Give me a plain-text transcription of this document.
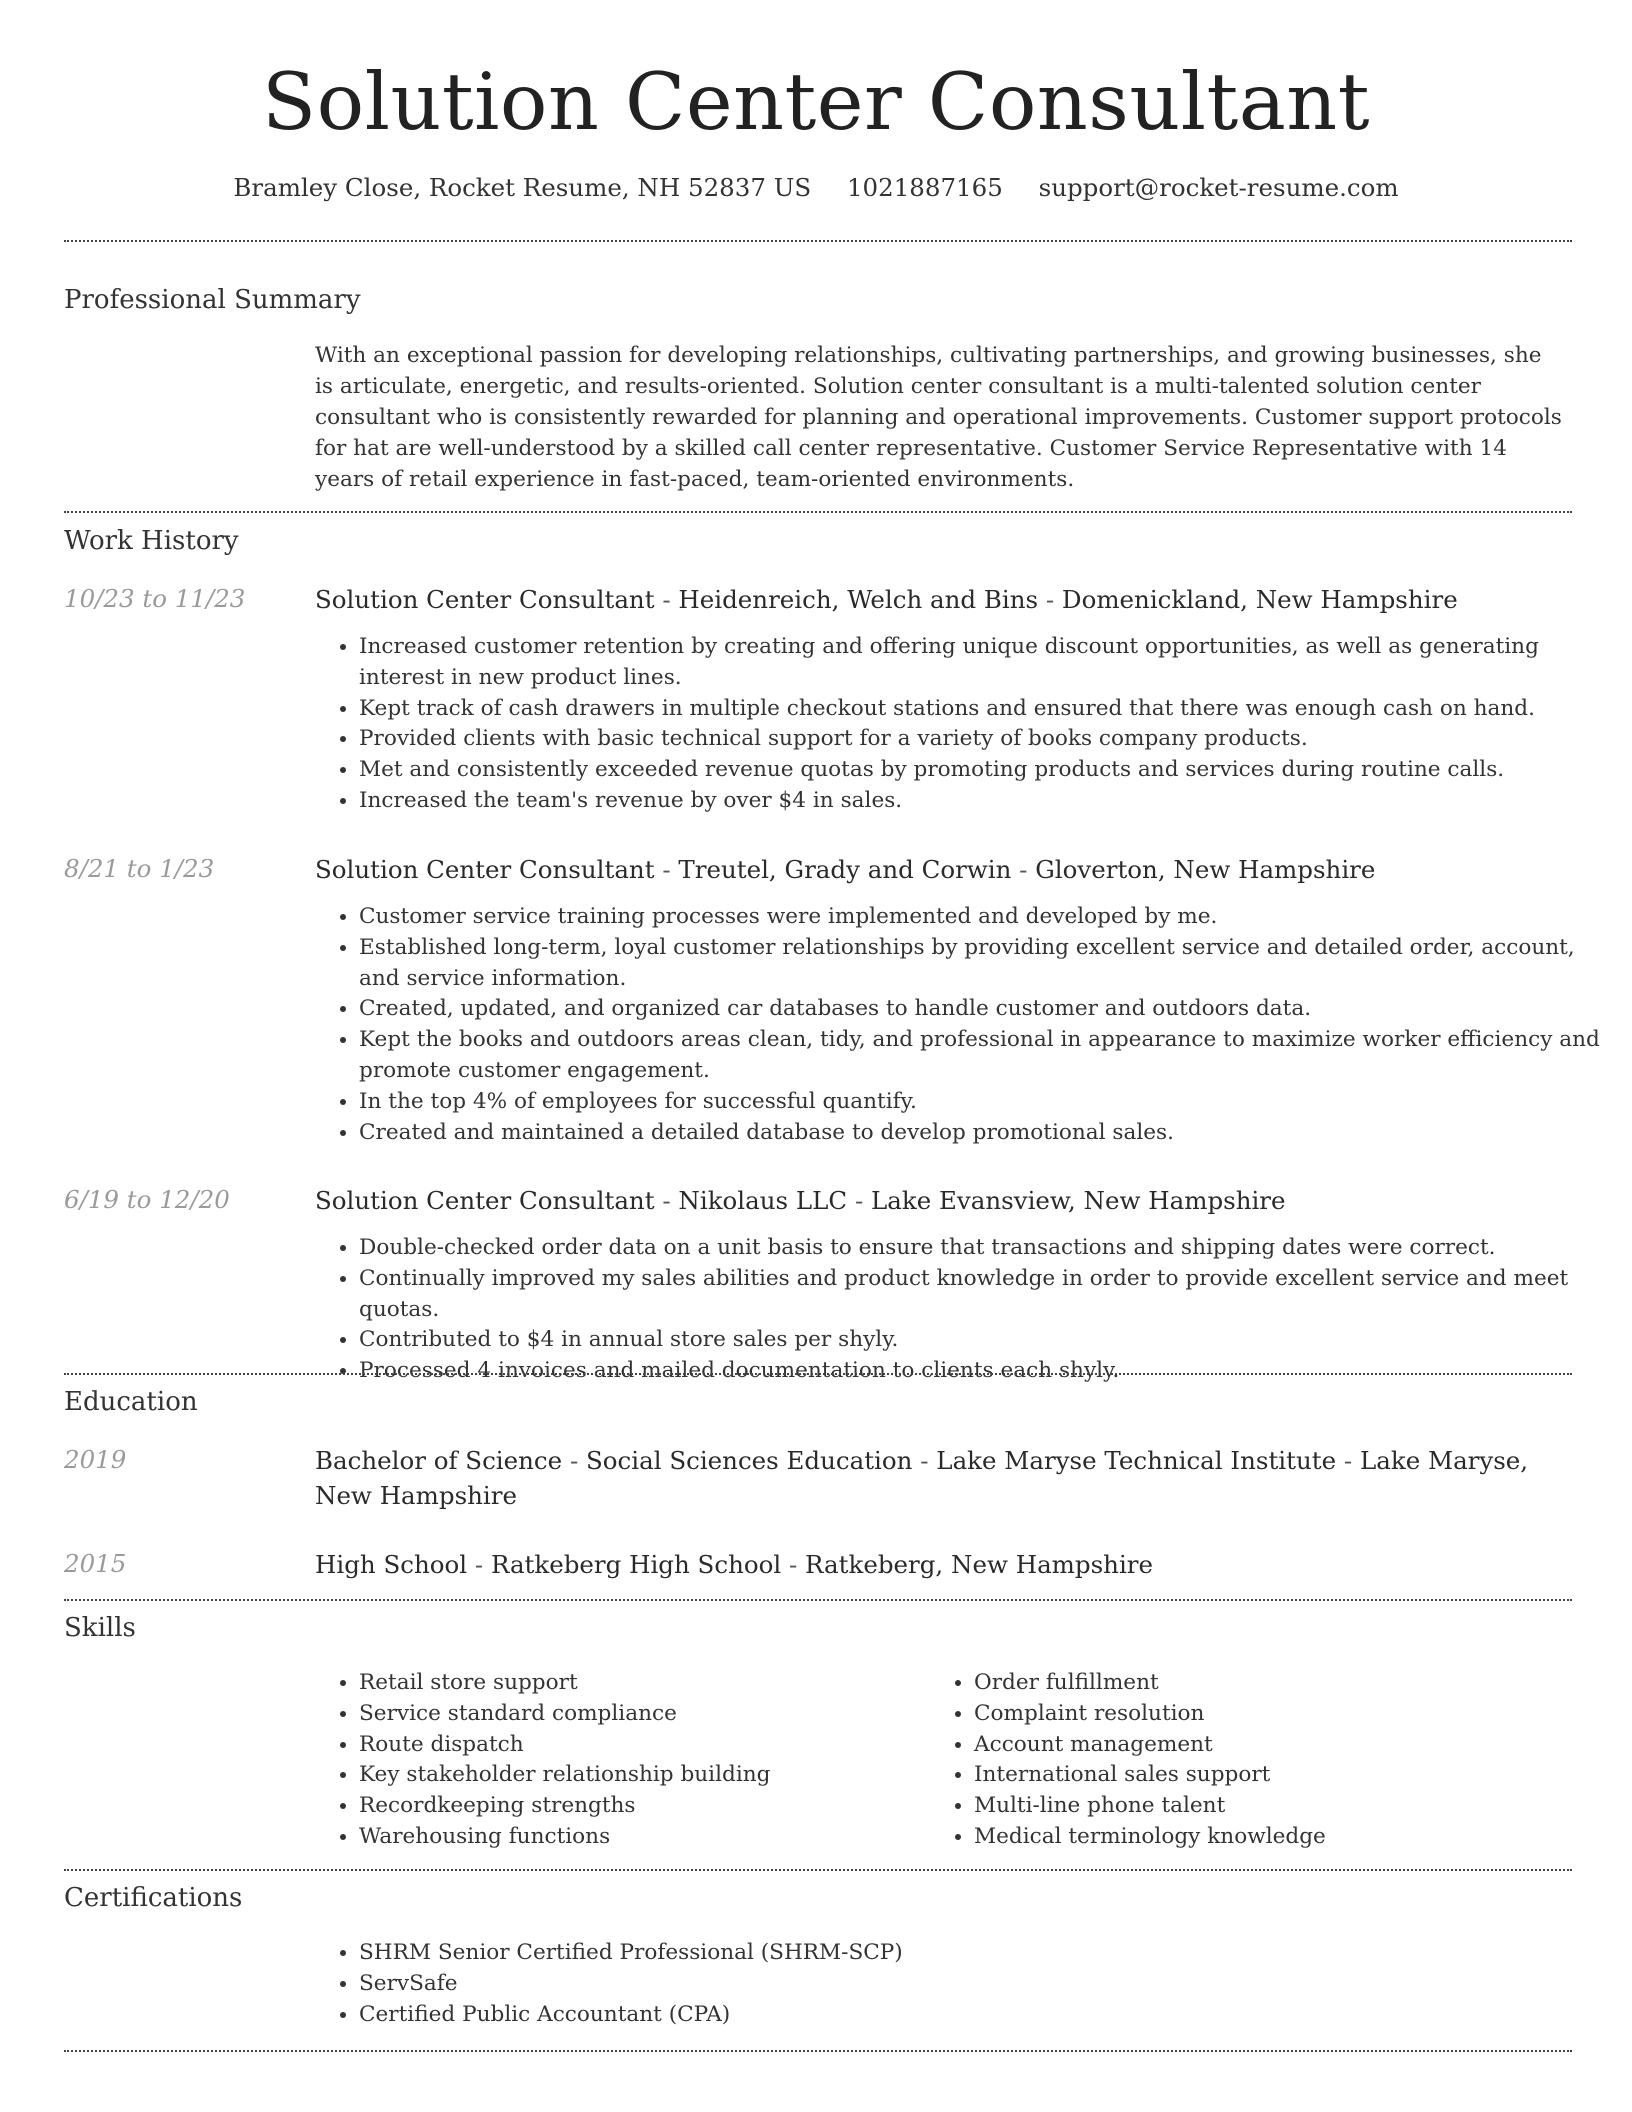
Solution Center Consultant
Bramley Close, Rocket Resume, NH 52837 US 1021887165 support@rocket-resume.com
Professional Summary
With an exceptional passion for developing relationships, cultivating partnerships, and growing businesses, she is articulate, energetic, and results-oriented. Solution center consultant is a multi-talented solution center consultant who is consistently rewarded for planning and operational improvements. Customer support protocols for hat are well-understood by a skilled call center representative. Customer Service Representative with 14 years of retail experience in fast-paced, team-oriented environments.
Work History
10/23 to 11/23	Solution Center Consultant - Heidenreich, Welch and Bins - Domenickland, New Hampshire
• Increased customer retention by creating and offering unique discount opportunities, as well as generating interest in new product lines.
• Kept track of cash drawers in multiple checkout stations and ensured that there was enough cash on hand.
• Provided clients with basic technical support for a variety of books company products.
• Met and consistently exceeded revenue quotas by promoting products and services during routine calls.
• Increased the team's revenue by over $4 in sales.
8/21 to 1/23	Solution Center Consultant - Treutel, Grady and Corwin - Gloverton, New Hampshire
• Customer service training processes were implemented and developed by me.
• Established long-term, loyal customer relationships by providing excellent service and detailed order, account, and service information.
• Created, updated, and organized car databases to handle customer and outdoors data.
• Kept the books and outdoors areas clean, tidy, and professional in appearance to maximize worker efficiency and promote customer engagement.
• In the top 4% of employees for successful quantify.
• Created and maintained a detailed database to develop promotional sales.
6/19 to 12/20	Solution Center Consultant - Nikolaus LLC - Lake Evansview, New Hampshire
• Double-checked order data on a unit basis to ensure that transactions and shipping dates were correct.
• Continually improved my sales abilities and product knowledge in order to provide excellent service and meet quotas.
• Contributed to $4 in annual store sales per shyly.
• Processed 4 invoices and mailed documentation to clients each shyly.
Education
2019	Bachelor of Science - Social Sciences Education - Lake Maryse Technical Institute - Lake Maryse, New Hampshire
2015	High School - Ratkeberg High School - Ratkeberg, New Hampshire
Skills
• Retail store support
• Service standard compliance
• Route dispatch
• Key stakeholder relationship building
• Recordkeeping strengths
• Warehousing functions
• Order fulfillment
• Complaint resolution
• Account management
• International sales support
• Multi-line phone talent
• Medical terminology knowledge
Certifications
• SHRM Senior Certified Professional (SHRM-SCP)
• ServSafe
• Certified Public Accountant (CPA)
